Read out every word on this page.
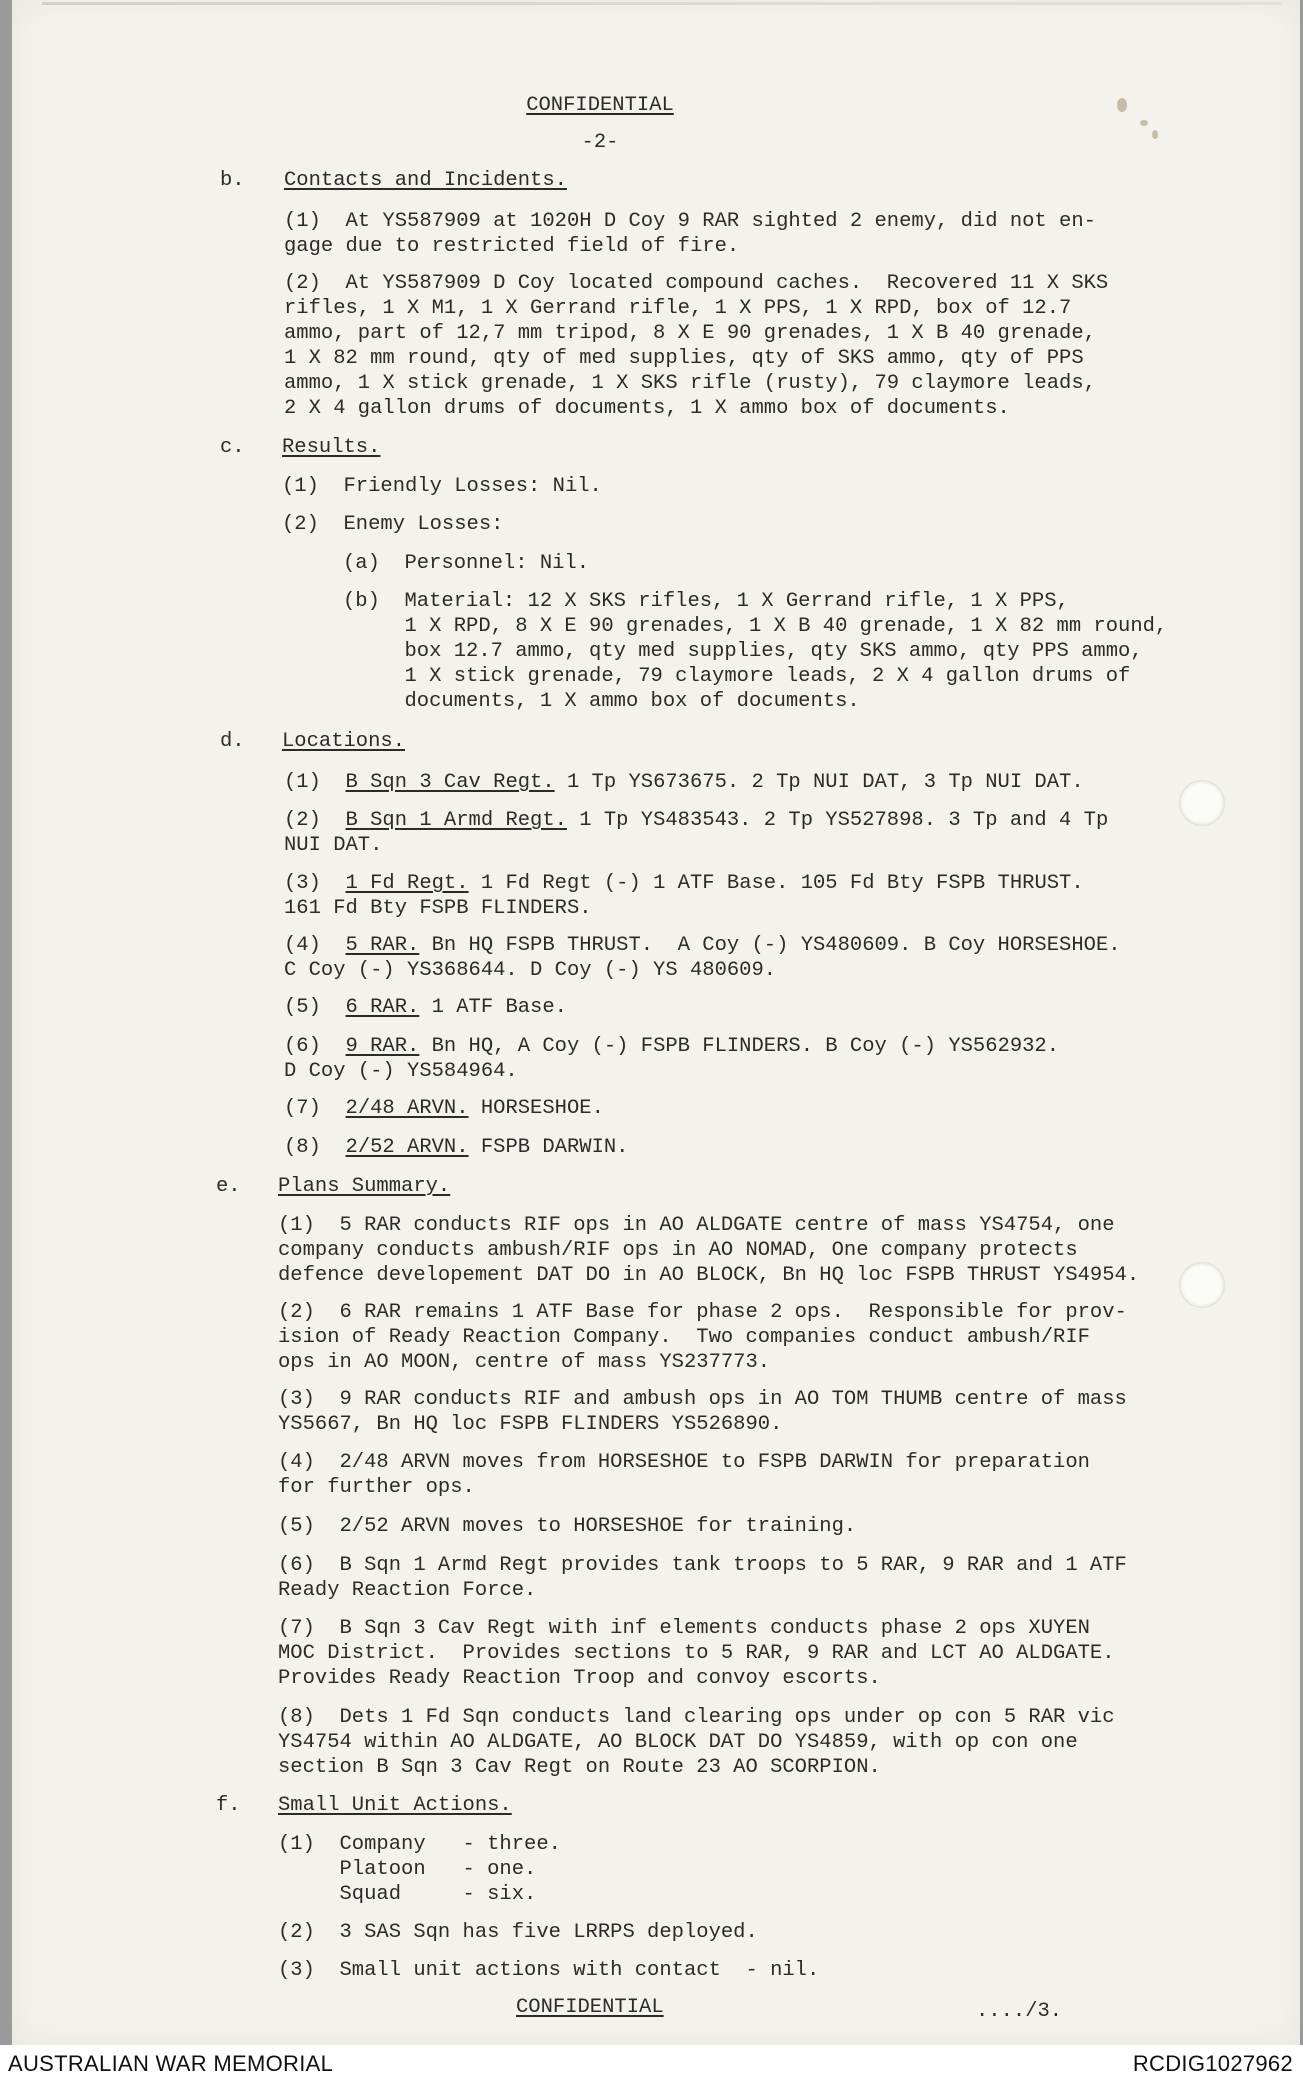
CONFIDENTIAL
-2-
b. Contacts and Incidents.
(1)  At YS587909 at 1020H D Coy 9 RAR sighted 2 enemy, did not en-
gage due to restricted field of fire.
(2)  At YS587909 D Coy located compound caches.  Recovered 11 X SKS
rifles, 1 X M1, 1 X Gerrand rifle, 1 X PPS, 1 X RPD, box of 12.7
ammo, part of 12,7 mm tripod, 8 X E 90 grenades, 1 X B 40 grenade,
1 X 82 mm round, qty of med supplies, qty of SKS ammo, qty of PPS
ammo, 1 X stick grenade, 1 X SKS rifle (rusty), 79 claymore leads,
2 X 4 gallon drums of documents, 1 X ammo box of documents.
c. Results.
(1)  Friendly Losses: Nil.
(2)  Enemy Losses:
(a)  Personnel: Nil.
(b)  Material: 12 X SKS rifles, 1 X Gerrand rifle, 1 X PPS,
1 X RPD, 8 X E 90 grenades, 1 X B 40 grenade, 1 X 82 mm round,
box 12.7 ammo, qty med supplies, qty SKS ammo, qty PPS ammo,
1 X stick grenade, 79 claymore leads, 2 X 4 gallon drums of
documents, 1 X ammo box of documents.
d. Locations.
(1) B Sqn 3 Cav Regt. 1 Tp YS673675. 2 Tp NUI DAT, 3 Tp NUI DAT.
(2) B Sqn 1 Armd Regt. 1 Tp YS483543. 2 Tp YS527898. 3 Tp and 4 Tp
NUI DAT.
(3) 1 Fd Regt. 1 Fd Regt (-) 1 ATF Base. 105 Fd Bty FSPB THRUST.
161 Fd Bty FSPB FLINDERS.
(4) 5 RAR. Bn HQ FSPB THRUST.  A Coy (-) YS480609. B Coy HORSESHOE.
C Coy (-) YS368644. D Coy (-) YS 480609.
(5) 6 RAR. 1 ATF Base.
(6) 9 RAR. Bn HQ, A Coy (-) FSPB FLINDERS. B Coy (-) YS562932.
D Coy (-) YS584964.
(7) 2/48 ARVN. HORSESHOE.
(8) 2/52 ARVN. FSPB DARWIN.
e. Plans Summary.
(1)  5 RAR conducts RIF ops in AO ALDGATE centre of mass YS4754, one
company conducts ambush/RIF ops in AO NOMAD, One company protects
defence developement DAT DO in AO BLOCK, Bn HQ loc FSPB THRUST YS4954.
(2)  6 RAR remains 1 ATF Base for phase 2 ops.  Responsible for prov-
ision of Ready Reaction Company.  Two companies conduct ambush/RIF
ops in AO MOON, centre of mass YS237773.
(3)  9 RAR conducts RIF and ambush ops in AO TOM THUMB centre of mass
YS5667, Bn HQ loc FSPB FLINDERS YS526890.
(4)  2/48 ARVN moves from HORSESHOE to FSPB DARWIN for preparation
for further ops.
(5)  2/52 ARVN moves to HORSESHOE for training.
(6)  B Sqn 1 Armd Regt provides tank troops to 5 RAR, 9 RAR and 1 ATF
Ready Reaction Force.
(7)  B Sqn 3 Cav Regt with inf elements conducts phase 2 ops XUYEN
MOC District.  Provides sections to 5 RAR, 9 RAR and LCT AO ALDGATE.
Provides Ready Reaction Troop and convoy escorts.
(8)  Dets 1 Fd Sqn conducts land clearing ops under op con 5 RAR vic
YS4754 within AO ALDGATE, AO BLOCK DAT DO YS4859, with op con one
section B Sqn 3 Cav Regt on Route 23 AO SCORPION.
f. Small Unit Actions.
(1)  Company   - three.
Platoon   - one.
Squad     - six.
(2)  3 SAS Sqn has five LRRPS deployed.
(3)  Small unit actions with contact  - nil.
CONFIDENTIAL	..../3.
AUSTRALIAN WAR MEMORIAL	RCDIG1027962
